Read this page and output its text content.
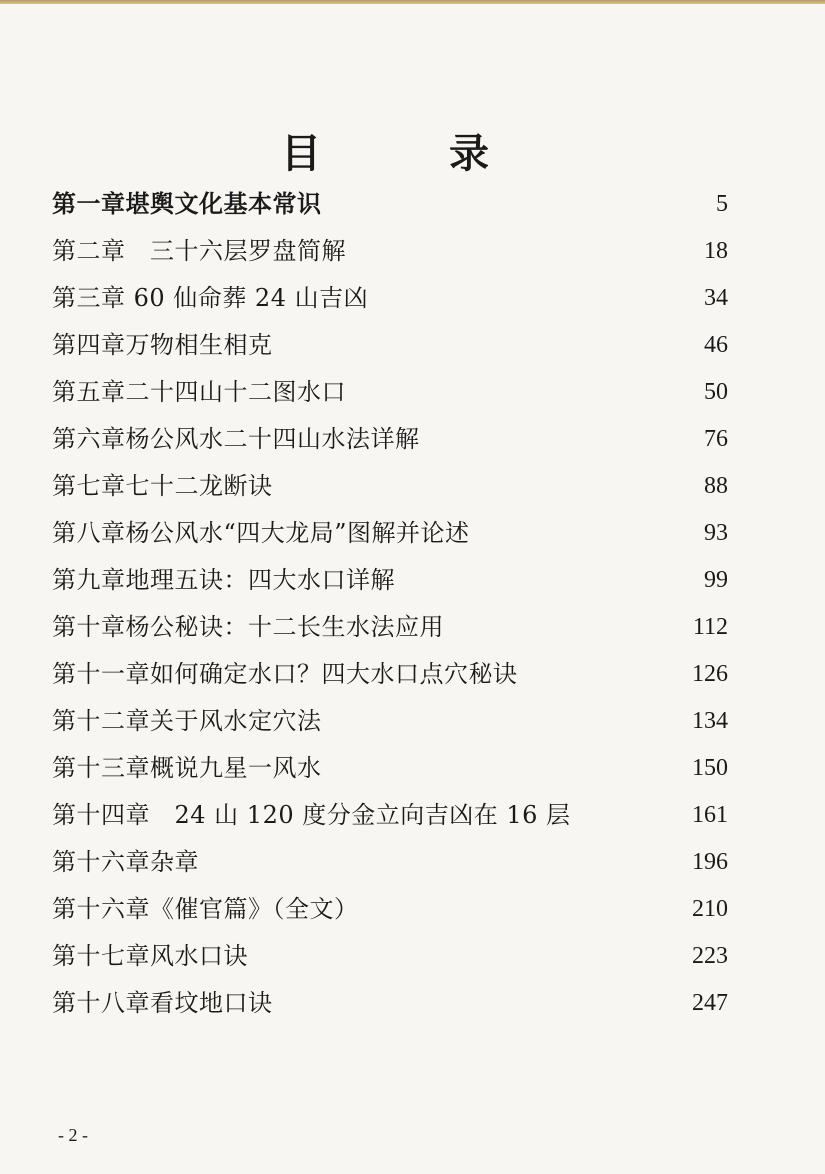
目　录
第一章堪舆文化基本常识	5
第二章　三十六层罗盘简解	18
第三章 60 仙命葬 24 山吉凶	34
第四章万物相生相克	46
第五章二十四山十二图水口	50
第六章杨公风水二十四山水法详解	76
第七章七十二龙断诀	88
第八章杨公风水“四大龙局”图解并论述	93
第九章地理五诀：四大水口详解	99
第十章杨公秘诀：十二长生水法应用	112
第十一章如何确定水口？四大水口点穴秘诀	126
第十二章关于风水定穴法	134
第十三章概说九星一风水	150
第十四章　24 山 120 度分金立向吉凶在 16 层	161
第十六章杂章	196
第十六章《催官篇》（全文）	210
第十七章风水口诀	223
第十八章看坟地口诀	247
- 2 -
